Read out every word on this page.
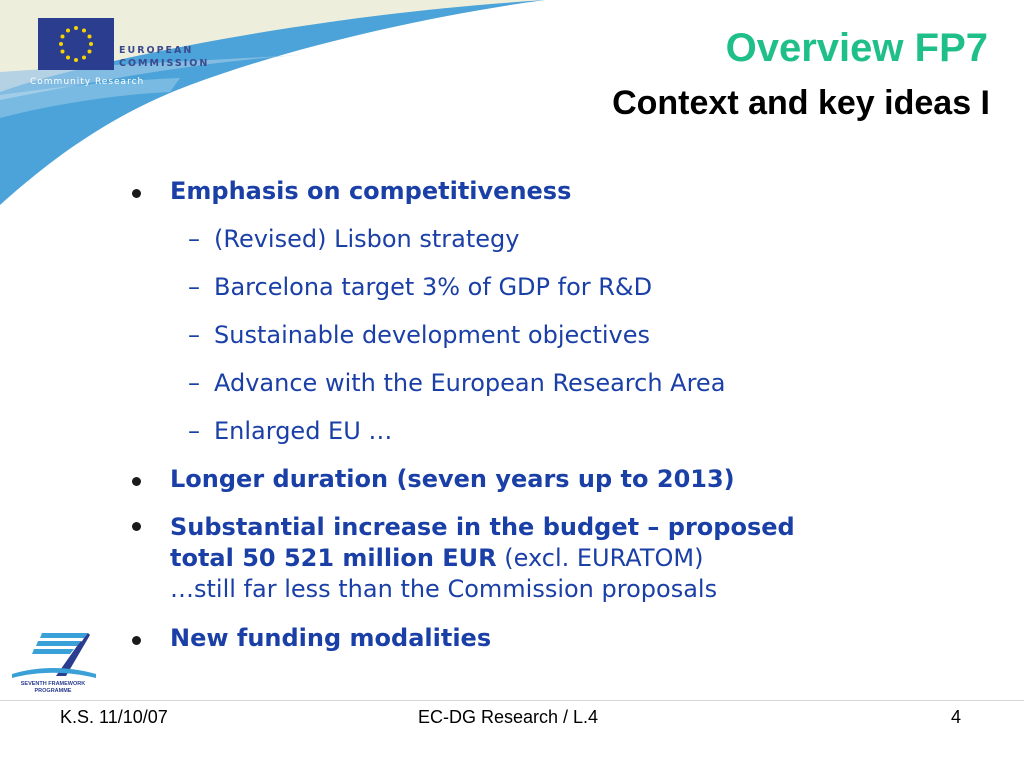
EUROPEAN
COMMISSION
Community Research
Overview FP7
Context and key ideas I
Emphasis on competitiveness
– (Revised) Lisbon strategy
– Barcelona target 3% of GDP for R&D
– Sustainable development objectives
– Advance with the European Research Area
– Enlarged EU …
Longer duration (seven years up to 2013)
Substantial increase in the budget – proposed
total 50 521 million EUR (excl. EURATOM)
…still far less than the Commission proposals
New funding modalities
SEVENTH FRAMEWORK
PROGRAMME
K.S. 11/10/07	EC-DG Research / L.4	4
